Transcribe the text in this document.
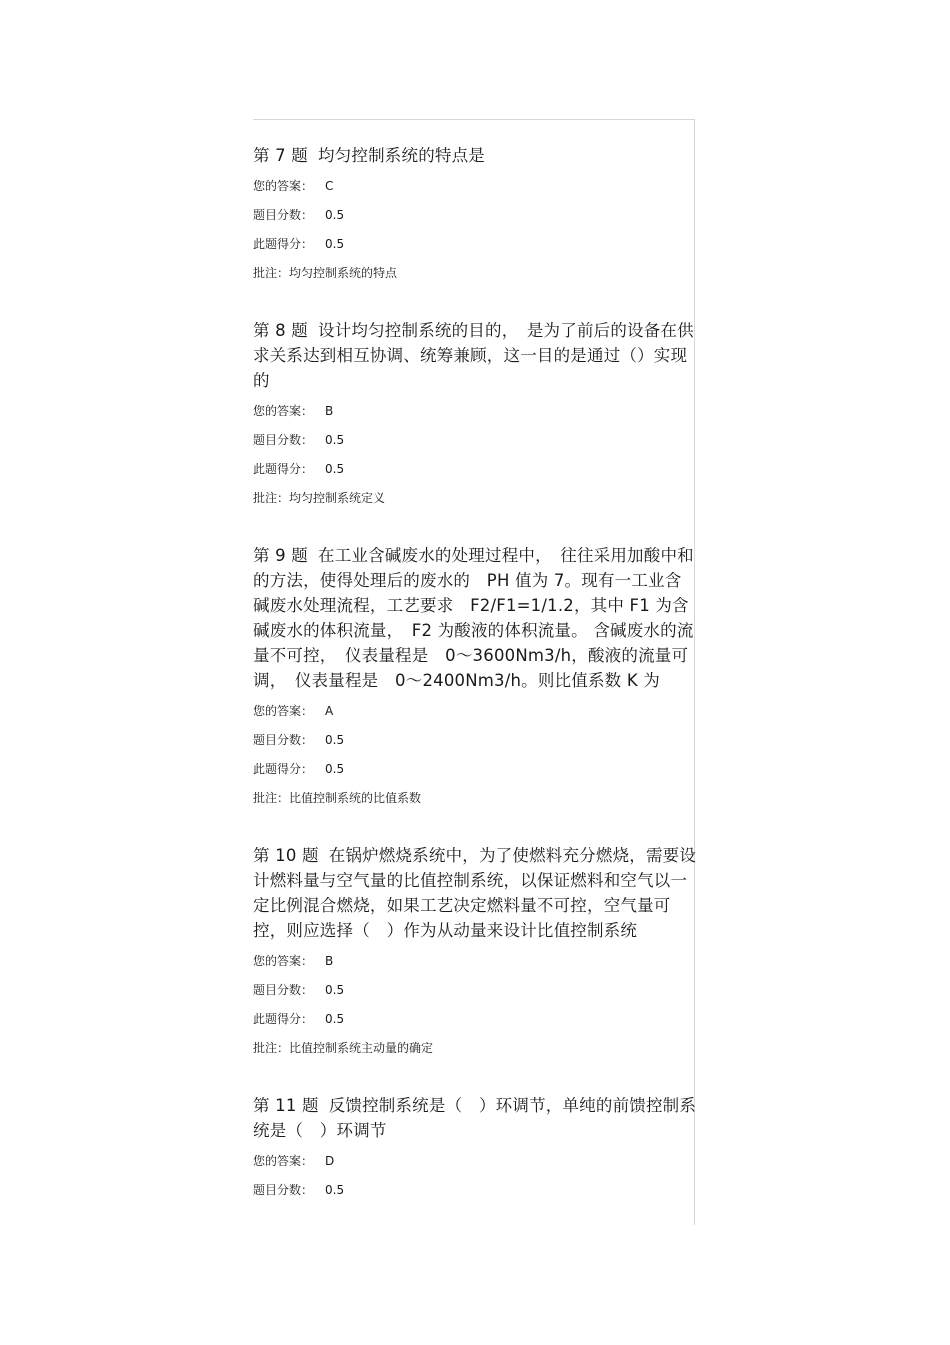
第 7 题 均匀控制系统的特点是

您的答案： C
题目分数： 0.5
此题得分： 0.5
批注：均匀控制系统的特点

第 8 题 设计均匀控制系统的目的，　是为了前后的设备在供求关系达到相互协调、统筹兼顾，这一目的是通过（）实现的

您的答案： B
题目分数： 0.5
此题得分： 0.5
批注：均匀控制系统定义

第 9 题 在工业含碱废水的处理过程中，　往往采用加酸中和的方法，使得处理后的废水的　PH 值为 7。现有一工业含碱废水处理流程，工艺要求　F2/F1=1/1.2，其中 F1 为含碱废水的体积流量，　F2 为酸液的体积流量。 含碱废水的流量不可控，　仪表量程是　0～3600Nm3/h，酸液的流量可调，　仪表量程是　0～2400Nm3/h。则比值系数 K 为

您的答案： A
题目分数： 0.5
此题得分： 0.5
批注：比值控制系统的比值系数

第 10 题 在锅炉燃烧系统中，为了使燃料充分燃烧，需要设计燃料量与空气量的比值控制系统，以保证燃料和空气以一定比例混合燃烧，如果工艺决定燃料量不可控，空气量可控，则应选择（　）作为从动量来设计比值控制系统

您的答案： B
题目分数： 0.5
此题得分： 0.5
批注：比值控制系统主动量的确定

第 11 题 反馈控制系统是（　）环调节，单纯的前馈控制系统是（　）环调节

您的答案： D
题目分数： 0.5
